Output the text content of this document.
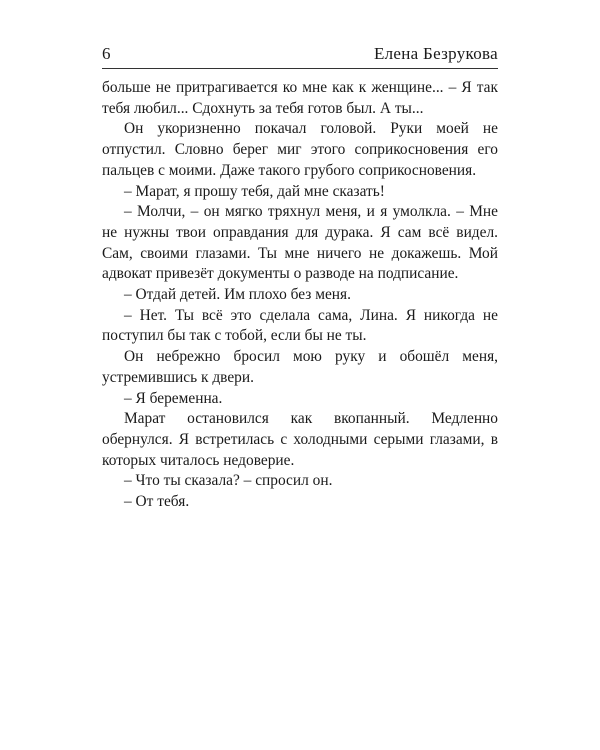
6	Елена Безрукова

больше не притрагивается ко мне как к женщине... – Я так тебя любил... Сдохнуть за тебя готов был. А ты...

Он укоризненно покачал головой. Руки моей не отпустил. Словно берег миг этого соприкосновения его пальцев с моими. Даже такого грубого соприкосновения.

– Марат, я прошу тебя, дай мне сказать!

– Молчи, – он мягко тряхнул меня, и я умолкла. – Мне не нужны твои оправдания для дурака. Я сам всё видел. Сам, своими глазами. Ты мне ничего не докажешь. Мой адвокат привезёт документы о разводе на подписание.

– Отдай детей. Им плохо без меня.

– Нет. Ты всё это сделала сама, Лина. Я никогда не поступил бы так с тобой, если бы не ты.

Он небрежно бросил мою руку и обошёл меня, устремившись к двери.

– Я беременна.

Марат остановился как вкопанный. Медленно обернулся. Я встретилась с холодными серыми глазами, в которых читалось недоверие.

– Что ты сказала? – спросил он.

– От тебя.
